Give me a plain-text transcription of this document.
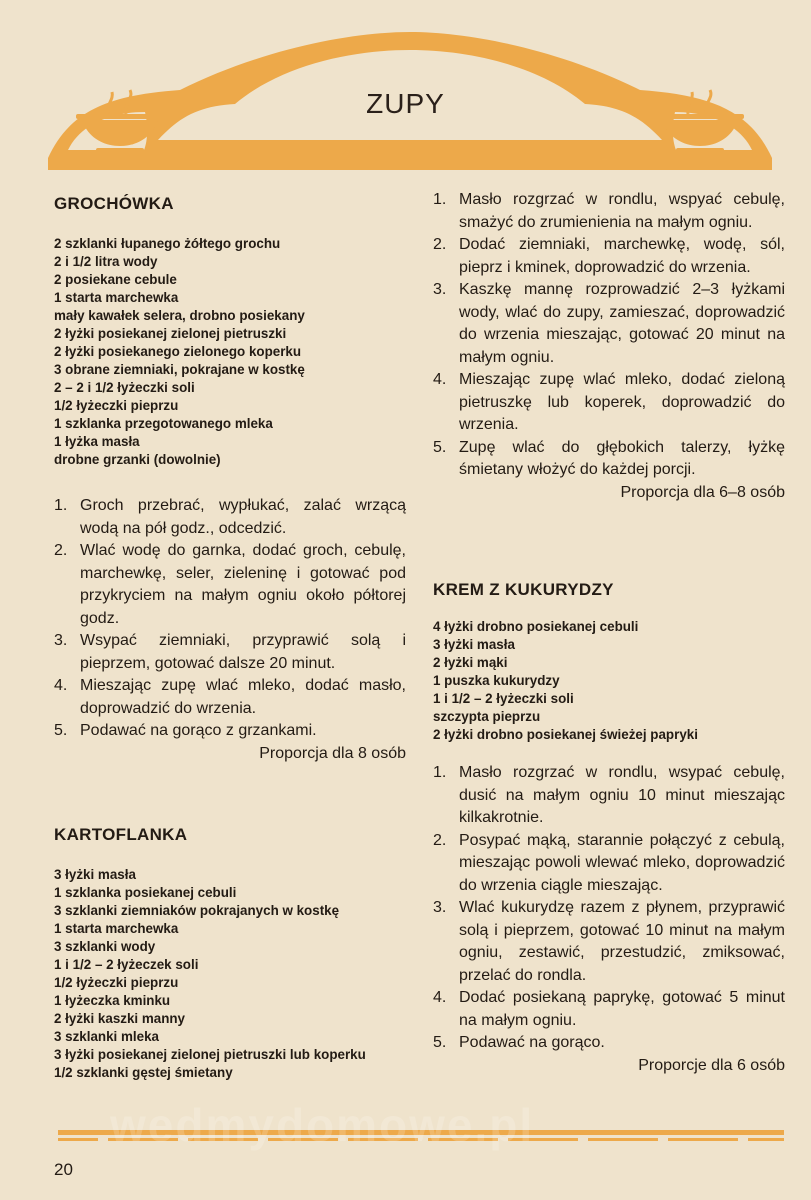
ZUPY
GROCHÓWKA
2 szklanki łupanego żółtego grochu
2 i 1/2 litra wody
2 posiekane cebule
1 starta marchewka
mały kawałek selera, drobno posiekany
2 łyżki posiekanej zielonej pietruszki
2 łyżki posiekanego zielonego koperku
3 obrane ziemniaki, pokrajane w kostkę
2 – 2 i 1/2 łyżeczki soli
1/2 łyżeczki pieprzu
1 szklanka przegotowanego mleka
1 łyżka masła
drobne grzanki (dowolnie)
1. Groch przebrać, wypłukać, zalać wrzącą wodą na pół godz., odcedzić.
2. Wlać wodę do garnka, dodać groch, cebulę, marchewkę, seler, zieleninę i gotować pod przykryciem na małym ogniu około półtorej godz.
3. Wsypać ziemniaki, przyprawić solą i pieprzem, gotować dalsze 20 minut.
4. Mieszając zupę wlać mleko, dodać masło, doprowadzić do wrzenia.
5. Podawać na gorąco z grzankami.
Proporcja dla 8 osób
KARTOFLANKA
3 łyżki masła
1 szklanka posiekanej cebuli
3 szklanki ziemniaków pokrajanych w kostkę
1 starta marchewka
3 szklanki wody
1 i 1/2 – 2 łyżeczek soli
1/2 łyżeczki pieprzu
1 łyżeczka kminku
2 łyżki kaszki manny
3 szklanki mleka
3 łyżki posiekanej zielonej pietruszki lub koperku
1/2 szklanki gęstej śmietany
1. Masło rozgrzać w rondlu, wspyać cebulę, smażyć do zrumienienia na małym ogniu.
2. Dodać ziemniaki, marchewkę, wodę, sól, pieprz i kminek, doprowadzić do wrzenia.
3. Kaszkę mannę rozprowadzić 2–3 łyżkami wody, wlać do zupy, zamieszać, doprowadzić do wrzenia mieszając, gotować 20 minut na małym ogniu.
4. Mieszając zupę wlać mleko, dodać zieloną pietruszkę lub koperek, doprowadzić do wrzenia.
5. Zupę wlać do głębokich talerzy, łyżkę śmietany włożyć do każdej porcji.
Proporcja dla 6–8 osób
KREM Z KUKURYDZY
4 łyżki drobno posiekanej cebuli
3 łyżki masła
2 łyżki mąki
1 puszka kukurydzy
1 i 1/2 – 2 łyżeczki soli
szczypta pieprzu
2 łyżki drobno posiekanej świeżej papryki
1. Masło rozgrzać w rondlu, wsypać cebulę, dusić na małym ogniu 10 minut mieszając kilkakrotnie.
2. Posypać mąką, starannie połączyć z cebulą, mieszając powoli wlewać mleko, doprowadzić do wrzenia ciągle mieszając.
3. Wlać kukurydzę razem z płynem, przyprawić solą i pieprzem, gotować 10 minut na małym ogniu, zestawić, przestudzić, zmiksować, przelać do rondla.
4. Dodać posiekaną paprykę, gotować 5 minut na małym ogniu.
5. Podawać na gorąco.
Proporcje dla 6 osób
wedmydomowe.pl
20
